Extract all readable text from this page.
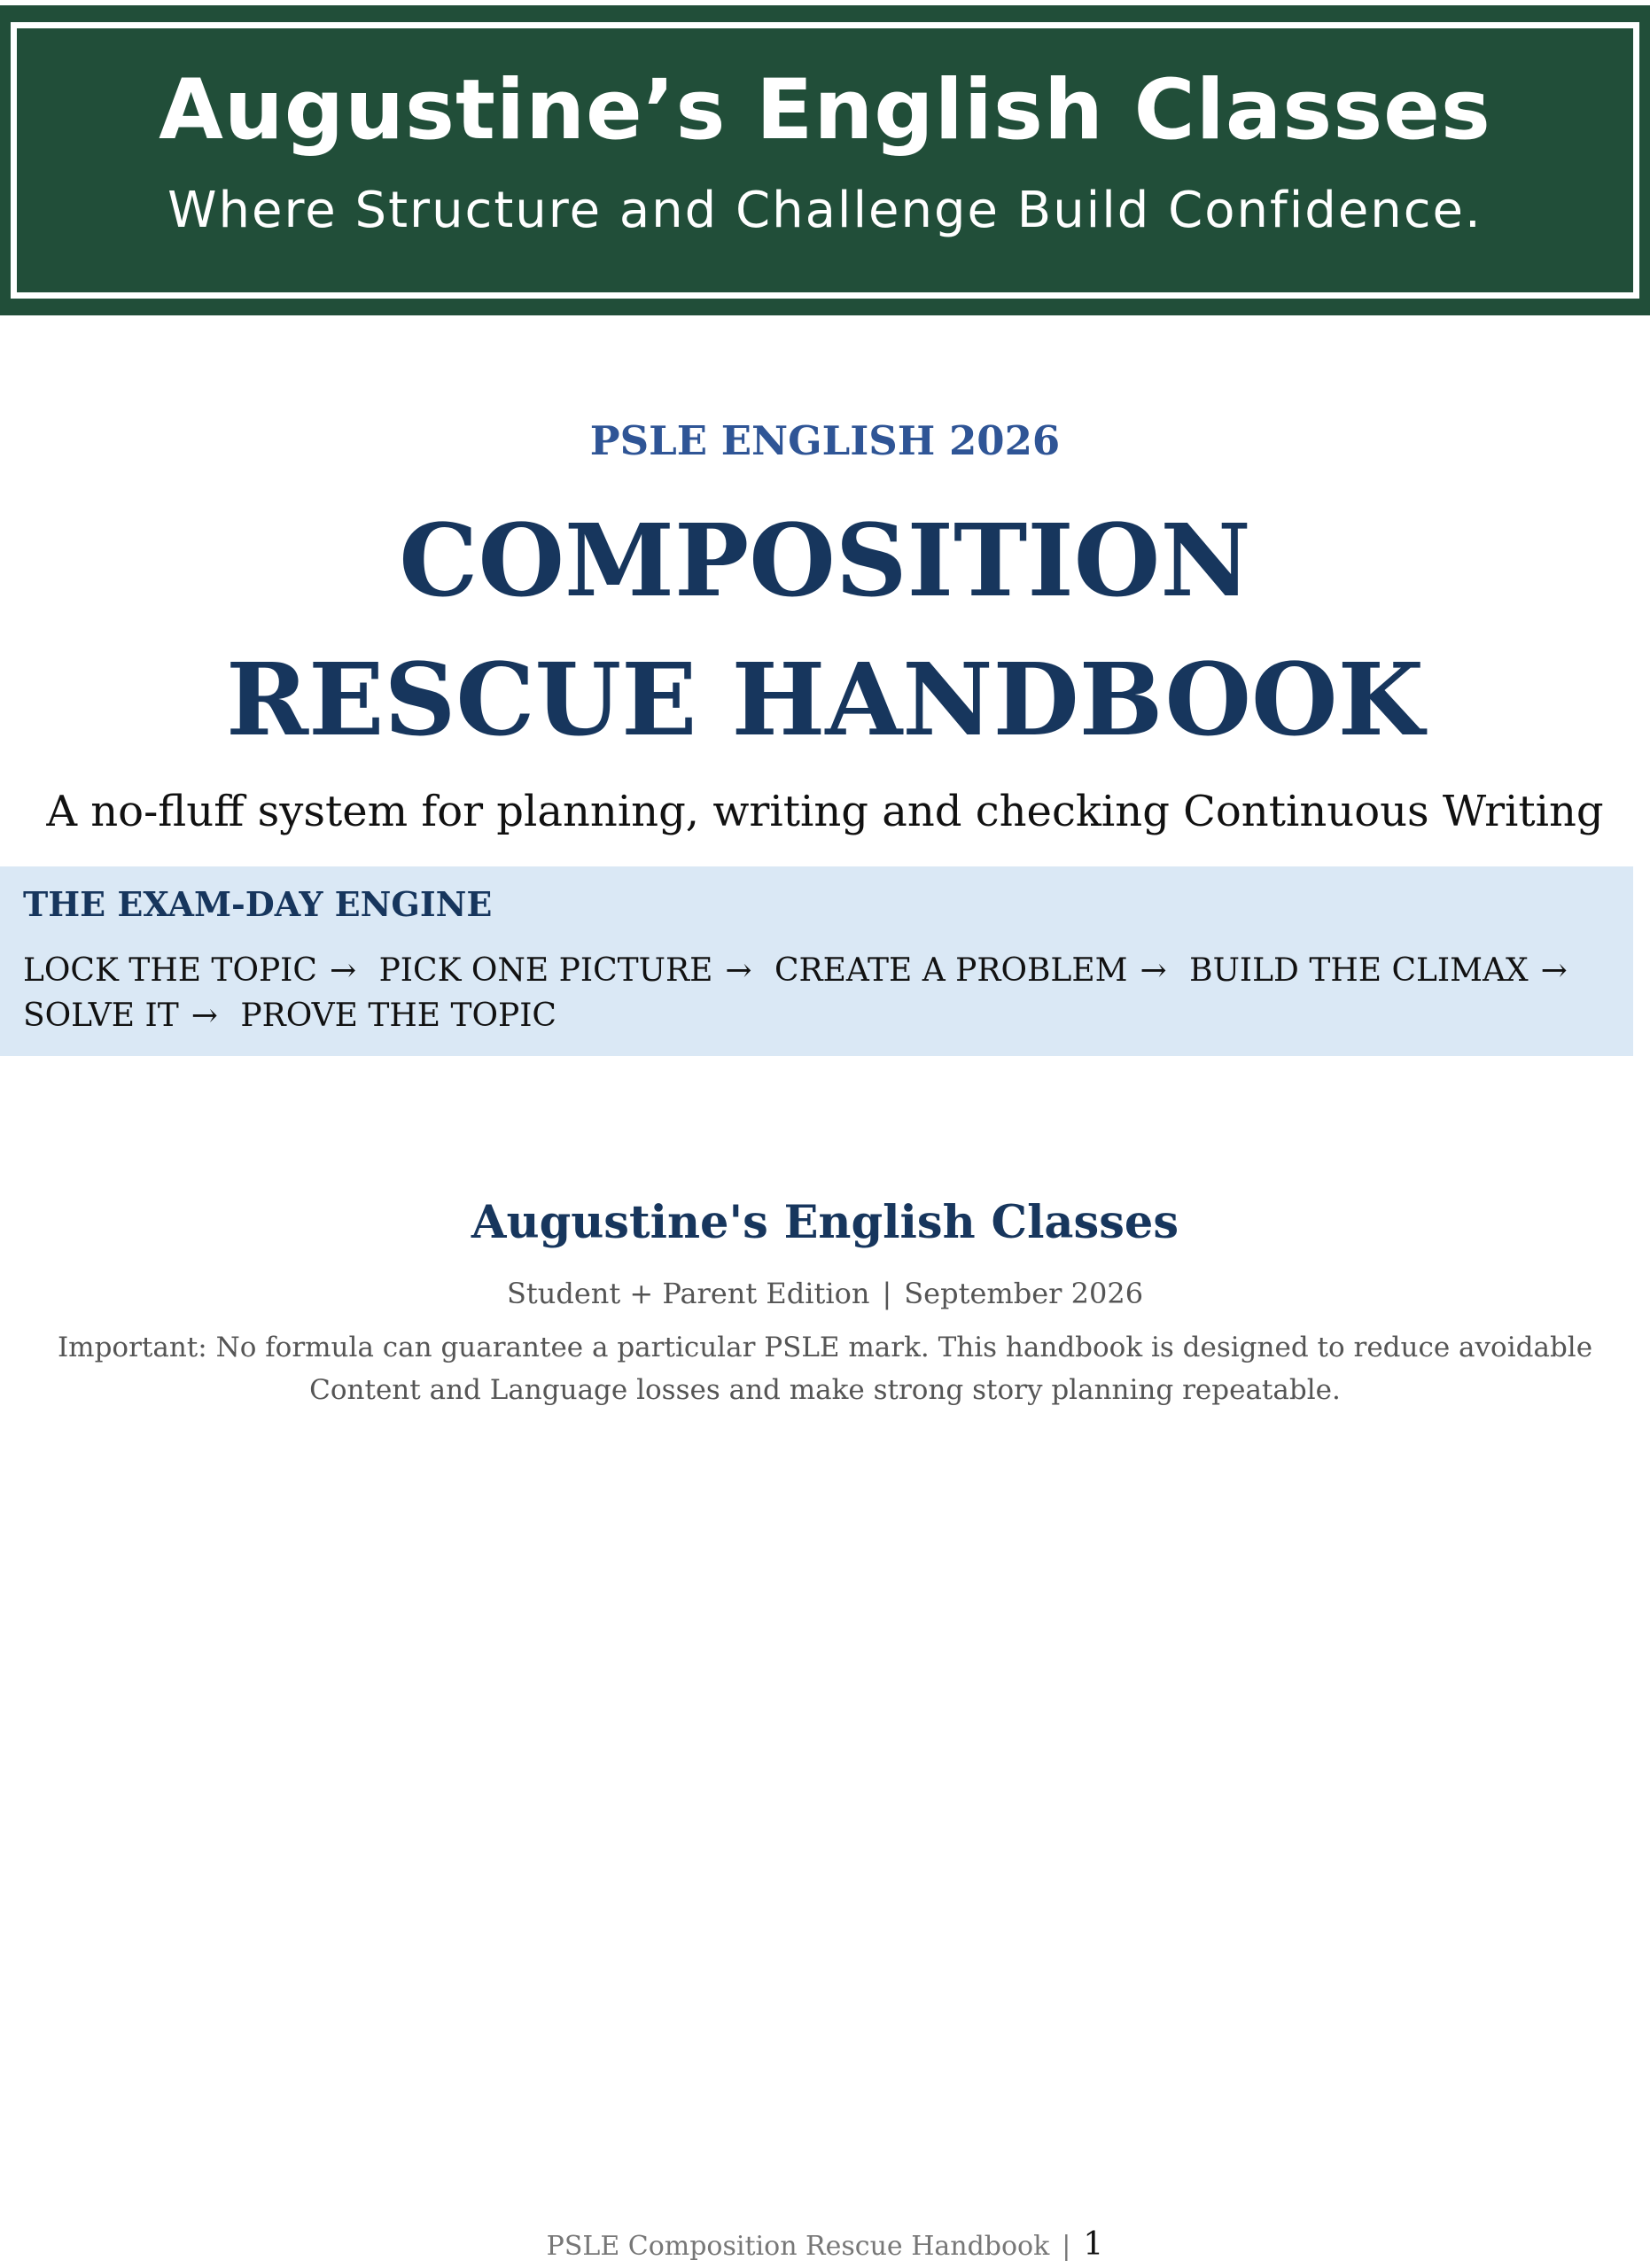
Augustine’s English Classes
Where Structure and Challenge Build Confidence.
PSLE ENGLISH 2026
COMPOSITION
RESCUE HANDBOOK
A no-fluff system for planning, writing and checking Continuous Writing
THE EXAM-DAY ENGINE
LOCK THE TOPIC → PICK ONE PICTURE → CREATE A PROBLEM → BUILD THE CLIMAX → SOLVE IT → PROVE THE TOPIC
Augustine's English Classes
Student + Parent Edition | September 2026
Important: No formula can guarantee a particular PSLE mark. This handbook is designed to reduce avoidable Content and Language losses and make strong story planning repeatable.
PSLE Composition Rescue Handbook | 1
